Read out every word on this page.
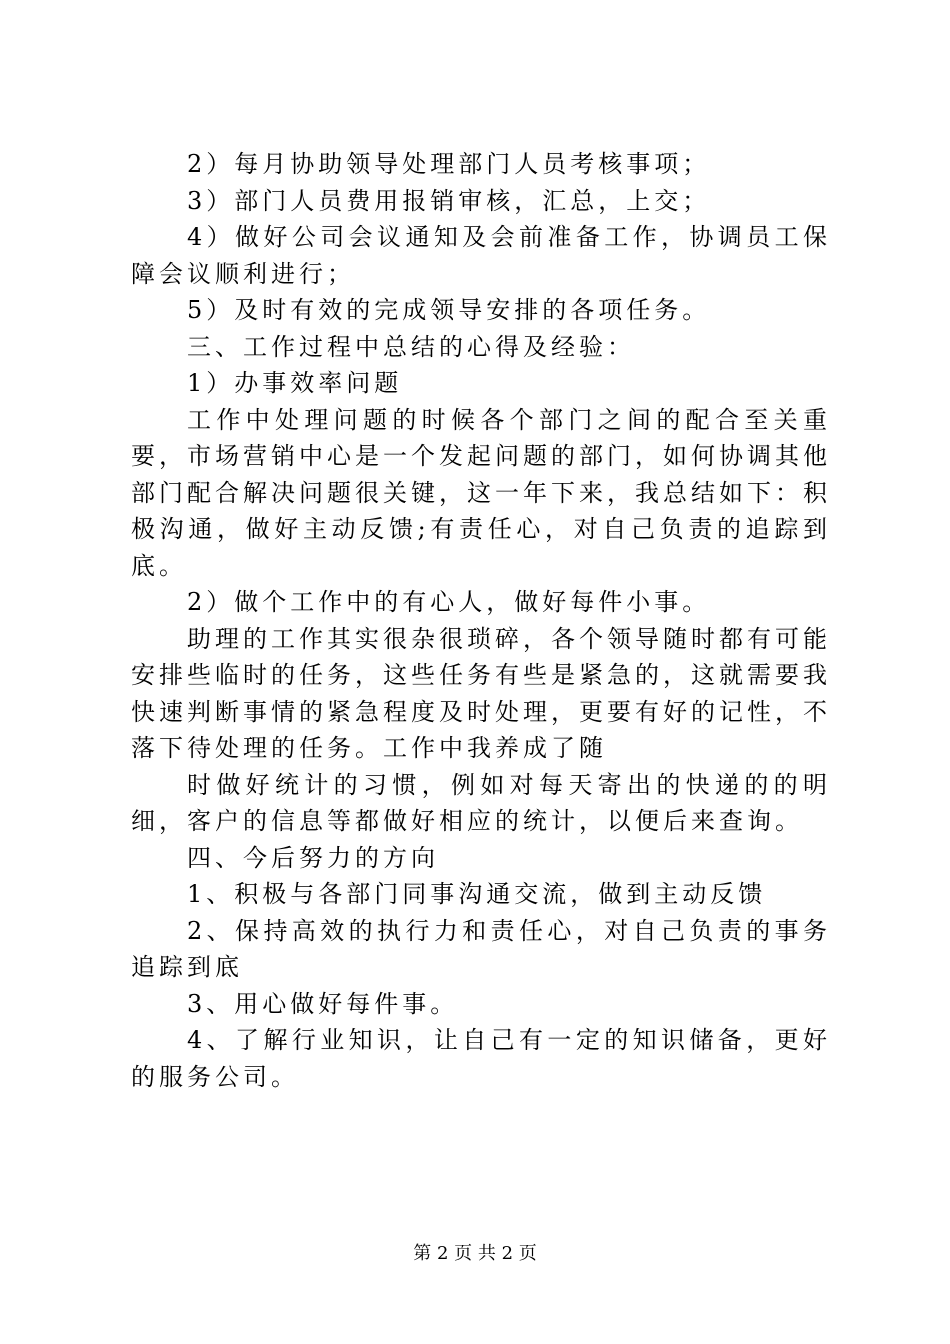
2）每月协助领导处理部门人员考核事项；

3）部门人员费用报销审核，汇总，上交；

4）做好公司会议通知及会前准备工作，协调员工保障会议顺利进行；

5）及时有效的完成领导安排的各项任务。

三、工作过程中总结的心得及经验：

1）办事效率问题

工作中处理问题的时候各个部门之间的配合至关重要，市场营销中心是一个发起问题的部门，如何协调其他部门配合解决问题很关键，这一年下来，我总结如下：积极沟通，做好主动反馈;有责任心，对自己负责的追踪到底。

2）做个工作中的有心人，做好每件小事。

助理的工作其实很杂很琐碎，各个领导随时都有可能安排些临时的任务，这些任务有些是紧急的，这就需要我快速判断事情的紧急程度及时处理，更要有好的记性，不落下待处理的任务。工作中我养成了随

时做好统计的习惯，例如对每天寄出的快递的的明细，客户的信息等都做好相应的统计，以便后来查询。

四、今后努力的方向

1、积极与各部门同事沟通交流，做到主动反馈

2、保持高效的执行力和责任心，对自己负责的事务追踪到底

3、用心做好每件事。

4、了解行业知识，让自己有一定的知识储备，更好的服务公司。

第 2 页 共 2 页
